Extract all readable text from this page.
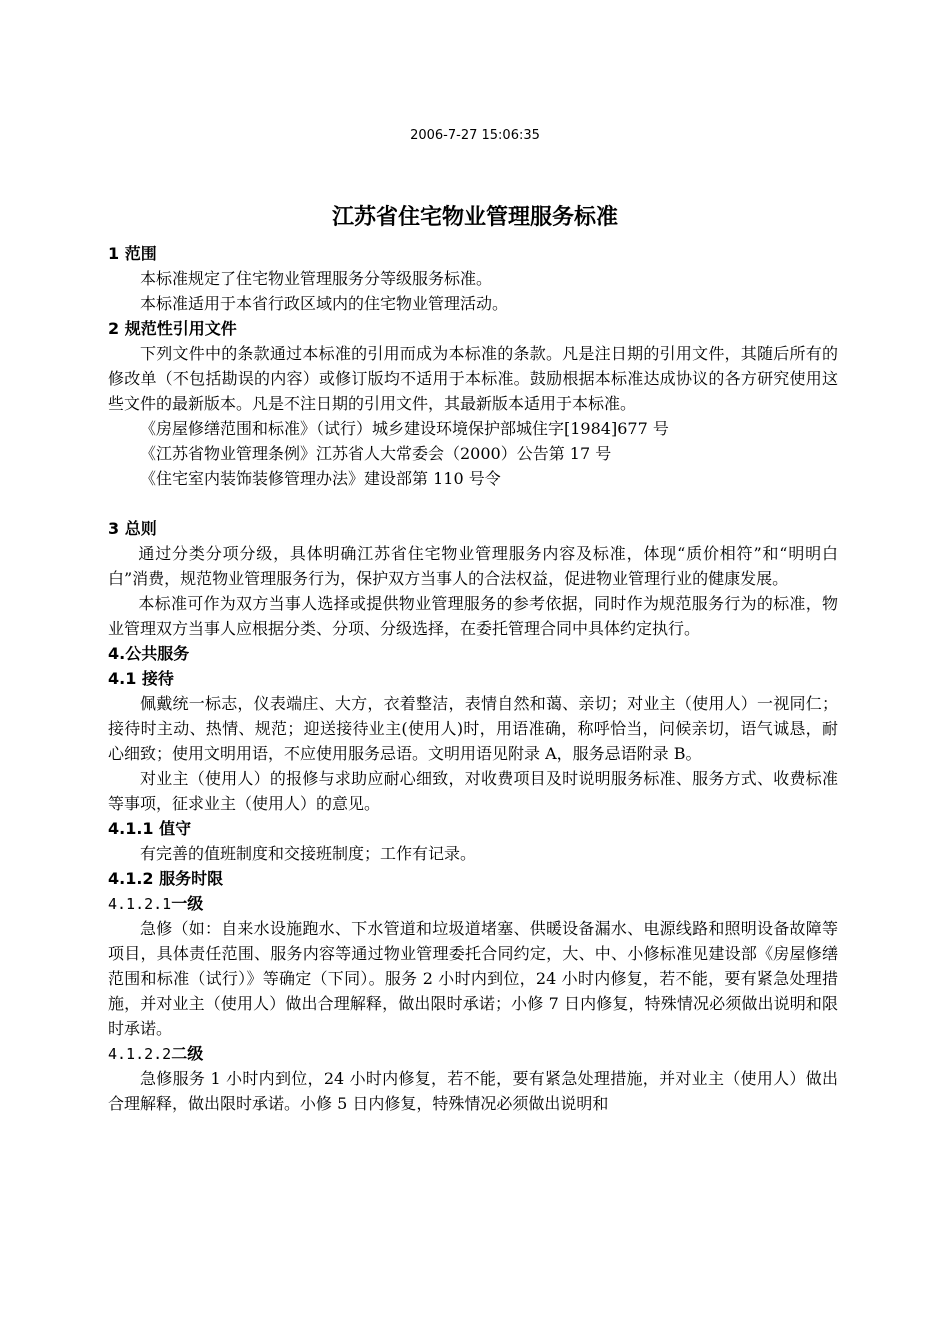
2006-7-27 15:06:35
江苏省住宅物业管理服务标准
1 范围

本标准规定了住宅物业管理服务分等级服务标准。

本标准适用于本省行政区域内的住宅物业管理活动。

2 规范性引用文件

下列文件中的条款通过本标准的引用而成为本标准的条款。凡是注日期的引用文件，其随后所有的修改单（不包括勘误的内容）或修订版均不适用于本标准。鼓励根据本标准达成协议的各方研究使用这些文件的最新版本。凡是不注日期的引用文件，其最新版本适用于本标准。

《房屋修缮范围和标准》（试行）城乡建设环境保护部城住字[1984]677 号

《江苏省物业管理条例》江苏省人大常委会（2000）公告第 17 号

《住宅室内装饰装修管理办法》建设部第 110 号令

3 总则

通过分类分项分级，具体明确江苏省住宅物业管理服务内容及标准，体现“质价相符”和“明明白白”消费，规范物业管理服务行为，保护双方当事人的合法权益，促进物业管理行业的健康发展。

本标准可作为双方当事人选择或提供物业管理服务的参考依据，同时作为规范服务行为的标准，物业管理双方当事人应根据分类、分项、分级选择，在委托管理合同中具体约定执行。

4.公共服务
4.1 接待

佩戴统一标志，仪表端庄、大方，衣着整洁，表情自然和蔼、亲切；对业主（使用人）一视同仁；接待时主动、热情、规范；迎送接待业主(使用人)时，用语准确，称呼恰当，问候亲切，语气诚恳，耐心细致；使用文明用语，不应使用服务忌语。文明用语见附录 A，服务忌语附录 B。

对业主（使用人）的报修与求助应耐心细致，对收费项目及时说明服务标准、服务方式、收费标准等事项，征求业主（使用人）的意见。

4.1.1 值守

有完善的值班制度和交接班制度；工作有记录。

4.1.2 服务时限
4.1.2.1一级

急修（如：自来水设施跑水、下水管道和垃圾道堵塞、供暖设备漏水、电源线路和照明设备故障等项目，具体责任范围、服务内容等通过物业管理委托合同约定，大、中、小修标准见建设部《房屋修缮范围和标准（试行）》等确定（下同）。服务 2 小时内到位，24 小时内修复，若不能，要有紧急处理措施，并对业主（使用人）做出合理解释，做出限时承诺；小修 7 日内修复，特殊情况必须做出说明和限时承诺。

4.1.2.2二级

急修服务 1 小时内到位，24 小时内修复，若不能，要有紧急处理措施，并对业主（使用人）做出合理解释，做出限时承诺。小修 5 日内修复，特殊情况必须做出说明和
